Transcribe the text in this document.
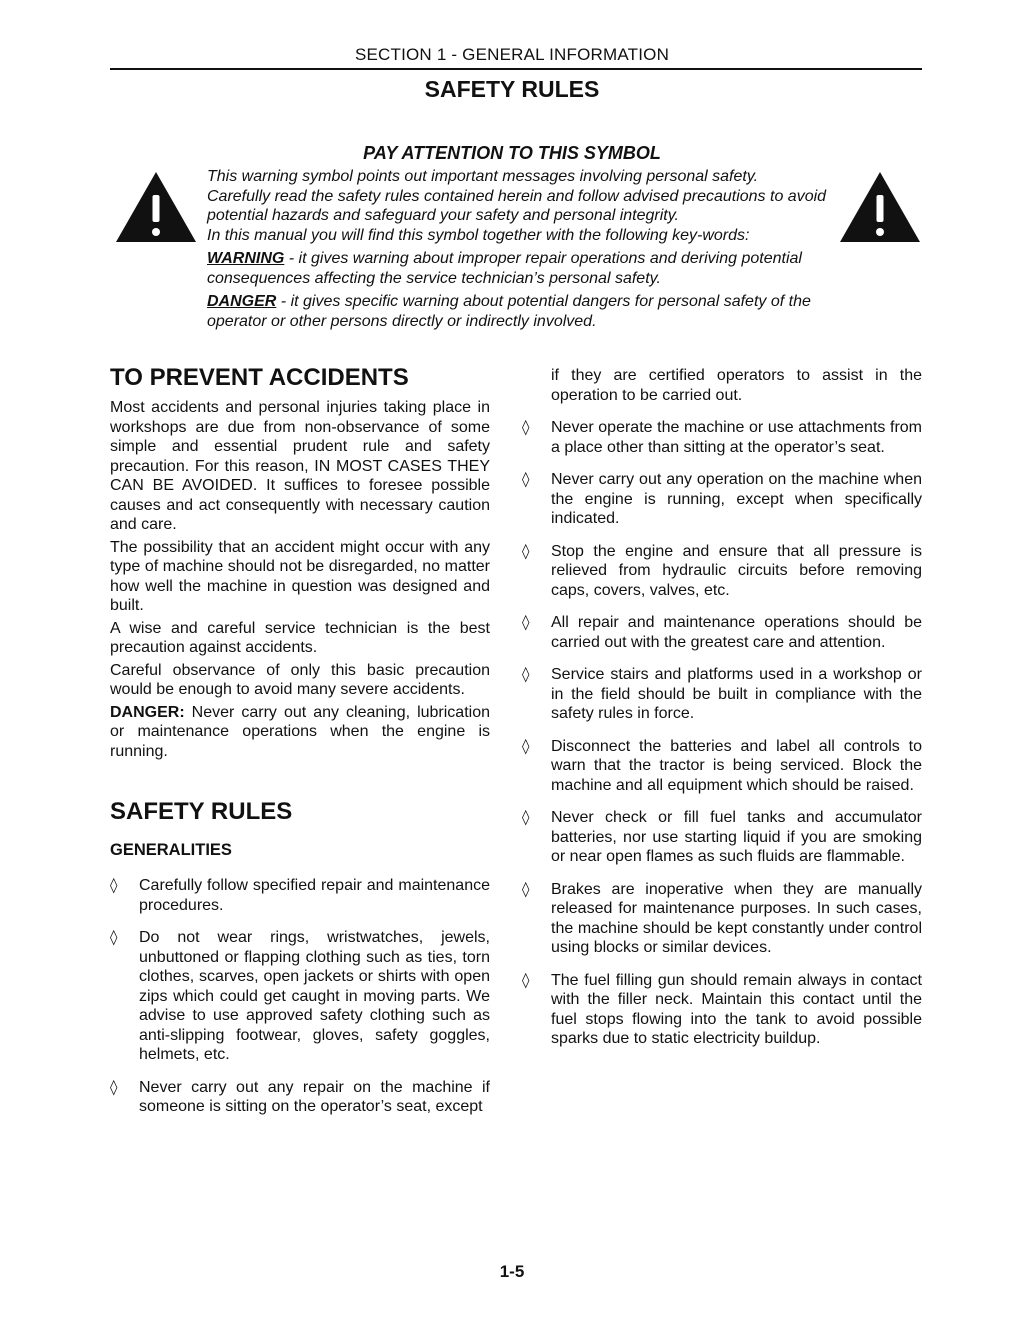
SECTION 1 - GENERAL INFORMATION
SAFETY RULES
PAY ATTENTION TO THIS SYMBOL

This warning symbol points out important messages involving personal safety.
Carefully read the safety rules contained herein and follow advised precautions to avoid potential hazards and safeguard your safety and personal integrity.
In this manual you will find this symbol together with the following key-words:

WARNING - it gives warning about improper repair operations and deriving potential consequences affecting the service technician’s personal safety.

DANGER - it gives specific warning about potential dangers for personal safety of the operator or other persons directly or indirectly involved.

TO PREVENT ACCIDENTS

Most accidents and personal injuries taking place in workshops are due from non-observance of some simple and essential prudent rule and safety precaution. For this reason, IN MOST CASES THEY CAN BE AVOIDED. It suffices to foresee possible causes and act consequently with necessary caution and care.

The possibility that an accident might occur with any type of machine should not be disregarded, no matter how well the machine in question was designed and built.

A wise and careful service technician is the best precaution against accidents.

Careful observance of only this basic precaution would be enough to avoid many severe accidents.

DANGER: Never carry out any cleaning, lubrication or maintenance operations when the engine is running.

SAFETY RULES
GENERALITIES
◊	Carefully follow specified repair and maintenance procedures.
◊	Do not wear rings, wristwatches, jewels, unbuttoned or flapping clothing such as ties, torn clothes, scarves, open jackets or shirts with open zips which could get caught in moving parts. We advise to use approved safety clothing such as anti-slipping footwear, gloves, safety goggles, helmets, etc.
◊	Never carry out any repair on the machine if someone is sitting on the operator’s seat, except
if they are certified operators to assist in the operation to be carried out.
◊	Never operate the machine or use attachments from a place other than sitting at the operator’s seat.
◊	Never carry out any operation on the machine when the engine is running, except when specifically indicated.
◊	Stop the engine and ensure that all pressure is relieved from hydraulic circuits before removing caps, covers, valves, etc.
◊	All repair and maintenance operations should be carried out with the greatest care and attention.
◊	Service stairs and platforms used in a workshop or in the field should be built in compliance with the safety rules in force.
◊	Disconnect the batteries and label all controls to warn that the tractor is being serviced. Block the machine and all equipment which should be raised.
◊	Never check or fill fuel tanks and accumulator batteries, nor use starting liquid if you are smoking or near open flames as such fluids are flammable.
◊	Brakes are inoperative when they are manually released for maintenance purposes. In such cases, the machine should be kept constantly under control using blocks or similar devices.
◊	The fuel filling gun should remain always in contact with the filler neck. Maintain this contact until the fuel stops flowing into the tank to avoid possible sparks due to static electricity buildup.
1-5
